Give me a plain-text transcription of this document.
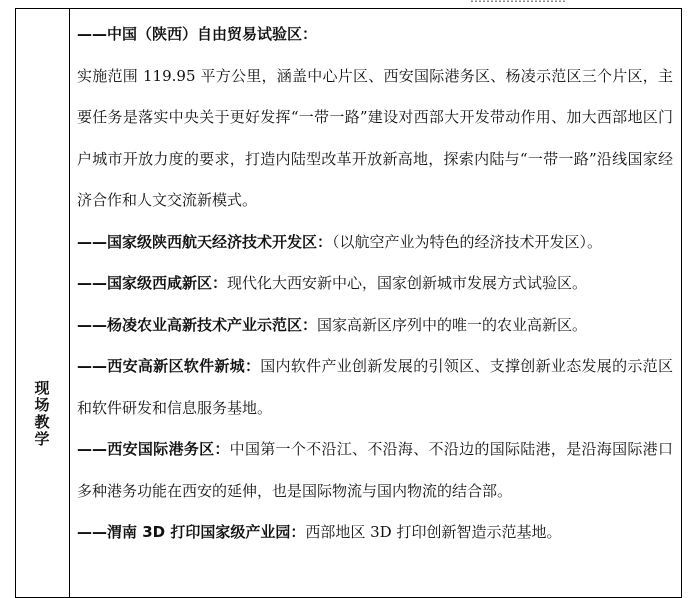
现
场
教
学
——中国（陕西）自由贸易试验区：
实施范围 119.95 平方公里，涵盖中心片区、西安国际港务区、杨凌示范区三个片区，主要任务是落实中央关于更好发挥“一带一路”建设对西部大开发带动作用、加大西部地区门户城市开放力度的要求，打造内陆型改革开放新高地，探索内陆与“一带一路”沿线国家经济合作和人文交流新模式。
——国家级陕西航天经济技术开发区：（以航空产业为特色的经济技术开发区）。
——国家级西咸新区：现代化大西安新中心，国家创新城市发展方式试验区。
——杨凌农业高新技术产业示范区：国家高新区序列中的唯一的农业高新区。
——西安高新区软件新城：国内软件产业创新发展的引领区、支撑创新业态发展的示范区和软件研发和信息服务基地。
——西安国际港务区：中国第一个不沿江、不沿海、不沿边的国际陆港，是沿海国际港口多种港务功能在西安的延伸，也是国际物流与国内物流的结合部。
——渭南 3D 打印国家级产业园：西部地区 3D 打印创新智造示范基地。
